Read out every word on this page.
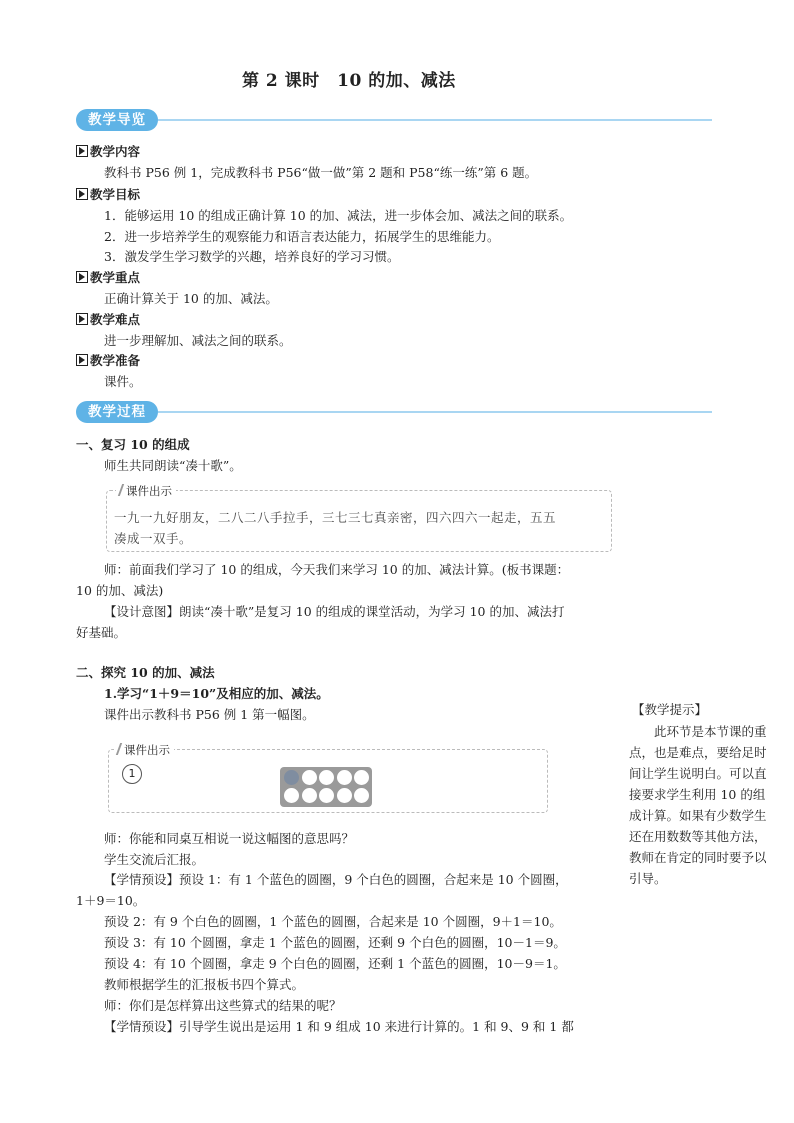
第 2 课时　10 的加、减法
教学导览
教学内容
教科书 P56 例 1，完成教科书 P56“做一做”第 2 题和 P58“练一练”第 6 题。
教学目标
1．能够运用 10 的组成正确计算 10 的加、减法，进一步体会加、减法之间的联系。
2．进一步培养学生的观察能力和语言表达能力，拓展学生的思维能力。
3．激发学生学习数学的兴趣，培养良好的学习习惯。
教学重点
正确计算关于 10 的加、减法。
教学难点
进一步理解加、减法之间的联系。
教学准备
课件。
教学过程
一、复习 10 的组成
师生共同朗读“凑十歌”。
课件出示
一九一九好朋友，二八二八手拉手，三七三七真亲密，四六四六一起走，五五
凑成一双手。
师：前面我们学习了 10 的组成，今天我们来学习 10 的加、减法计算。(板书课题：
10 的加、减法)
【设计意图】朗读“凑十歌”是复习 10 的组成的课堂活动，为学习 10 的加、减法打
好基础。
二、探究 10 的加、减法
1.学习“1＋9＝10”及相应的加、减法。
课件出示教科书 P56 例 1 第一幅图。
课件出示
1
师：你能和同桌互相说一说这幅图的意思吗？
学生交流后汇报。
【学情预设】预设 1：有 1 个蓝色的圆圈，9 个白色的圆圈，合起来是 10 个圆圈，
1＋9＝10。
预设 2：有 9 个白色的圆圈，1 个蓝色的圆圈，合起来是 10 个圆圈，9＋1＝10。
预设 3：有 10 个圆圈，拿走 1 个蓝色的圆圈，还剩 9 个白色的圆圈，10－1＝9。
预设 4：有 10 个圆圈，拿走 9 个白色的圆圈，还剩 1 个蓝色的圆圈，10－9＝1。
教师根据学生的汇报板书四个算式。
师：你们是怎样算出这些算式的结果的呢？
【学情预设】引导学生说出是运用 1 和 9 组成 10 来进行计算的。1 和 9、9 和 1 都
【教学提示】
此环节是本节课的重点，也是难点，要给足时间让学生说明白。可以直接要求学生利用 10 的组成计算。如果有少数学生还在用数数等其他方法，教师在肯定的同时要予以引导。
